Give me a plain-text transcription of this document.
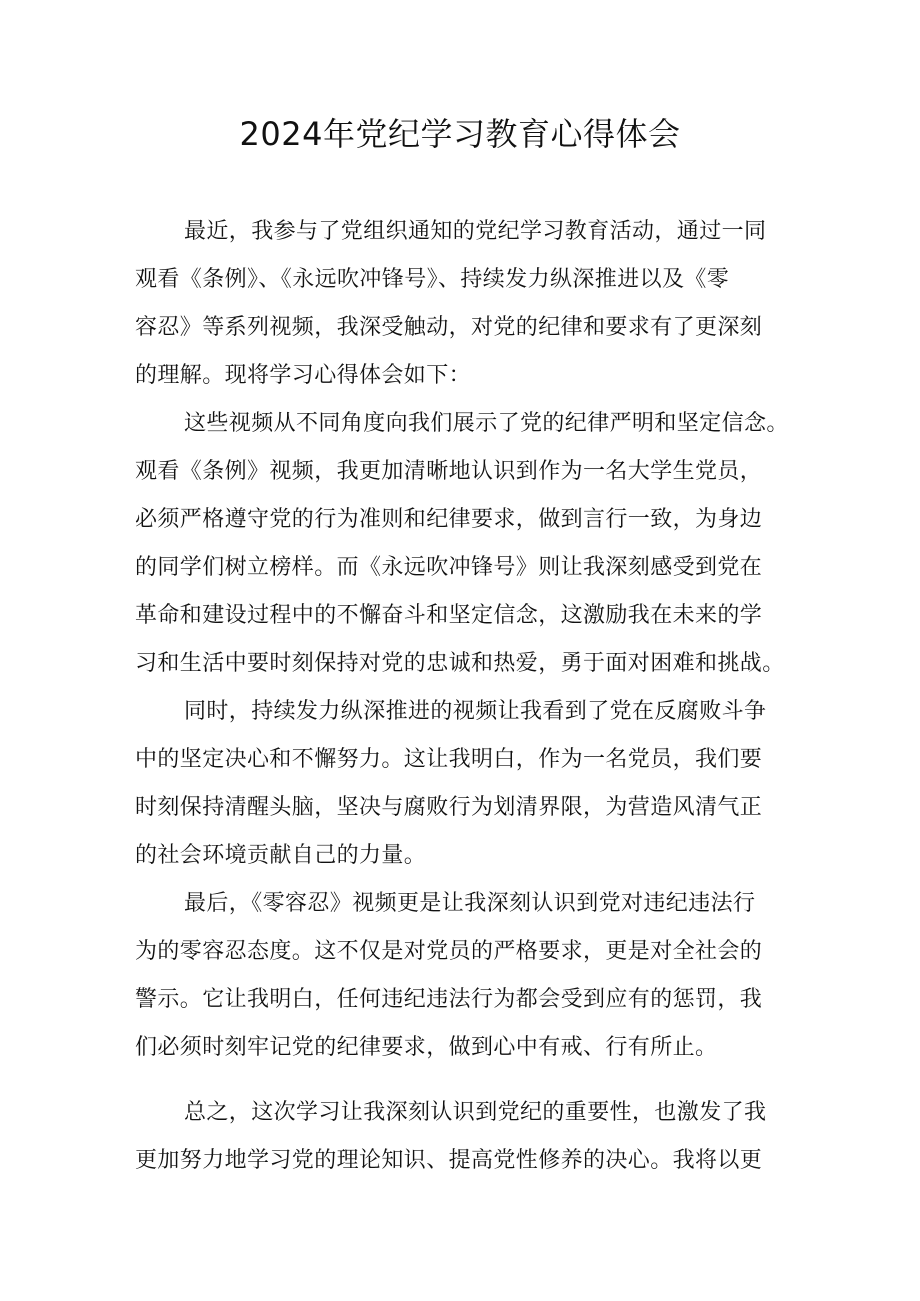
2024年党纪学习教育心得体会
最近，我参与了党组织通知的党纪学习教育活动，通过一同
观看《条例》、《永远吹冲锋号》、持续发力纵深推进以及《零
容忍》等系列视频，我深受触动，对党的纪律和要求有了更深刻
的理解。现将学习心得体会如下：
这些视频从不同角度向我们展示了党的纪律严明和坚定信念。
观看《条例》视频，我更加清晰地认识到作为一名大学生党员，
必须严格遵守党的行为准则和纪律要求，做到言行一致，为身边
的同学们树立榜样。而《永远吹冲锋号》则让我深刻感受到党在
革命和建设过程中的不懈奋斗和坚定信念，这激励我在未来的学
习和生活中要时刻保持对党的忠诚和热爱，勇于面对困难和挑战。
同时，持续发力纵深推进的视频让我看到了党在反腐败斗争
中的坚定决心和不懈努力。这让我明白，作为一名党员，我们要
时刻保持清醒头脑，坚决与腐败行为划清界限，为营造风清气正
的社会环境贡献自己的力量。
最后，《零容忍》视频更是让我深刻认识到党对违纪违法行
为的零容忍态度。这不仅是对党员的严格要求，更是对全社会的
警示。它让我明白，任何违纪违法行为都会受到应有的惩罚，我
们必须时刻牢记党的纪律要求，做到心中有戒、行有所止。
总之，这次学习让我深刻认识到党纪的重要性，也激发了我
更加努力地学习党的理论知识、提高党性修养的决心。我将以更
